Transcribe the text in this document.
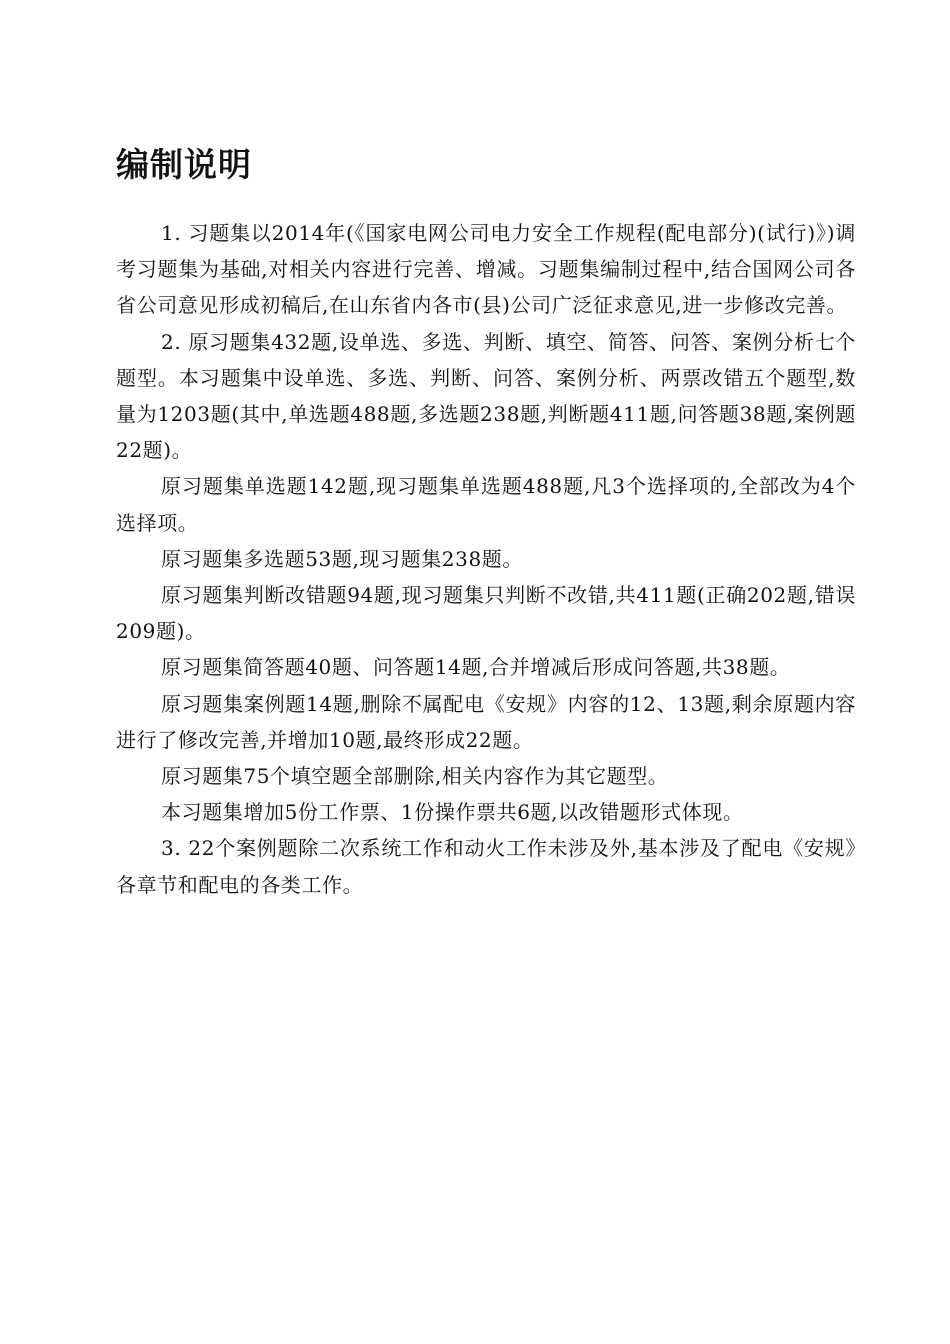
编制说明

1. 习题集以2014年(《国家电网公司电力安全工作规程(配电部分)(试行)》)调考习题集为基础,对相关内容进行完善、增减。习题集编制过程中,结合国网公司各省公司意见形成初稿后,在山东省内各市(县)公司广泛征求意见,进一步修改完善。

2. 原习题集432题,设单选、多选、判断、填空、简答、问答、案例分析七个题型。本习题集中设单选、多选、判断、问答、案例分析、两票改错五个题型,数量为1203题(其中,单选题488题,多选题238题,判断题411题,问答题38题,案例题22题)。

原习题集单选题142题,现习题集单选题488题,凡3个选择项的,全部改为4个选择项。

原习题集多选题53题,现习题集238题。

原习题集判断改错题94题,现习题集只判断不改错,共411题(正确202题,错误209题)。

原习题集简答题40题、问答题14题,合并增减后形成问答题,共38题。

原习题集案例题14题,删除不属配电《安规》内容的12、13题,剩余原题内容进行了修改完善,并增加10题,最终形成22题。

原习题集75个填空题全部删除,相关内容作为其它题型。

本习题集增加5份工作票、1份操作票共6题,以改错题形式体现。

3. 22个案例题除二次系统工作和动火工作未涉及外,基本涉及了配电《安规》各章节和配电的各类工作。
